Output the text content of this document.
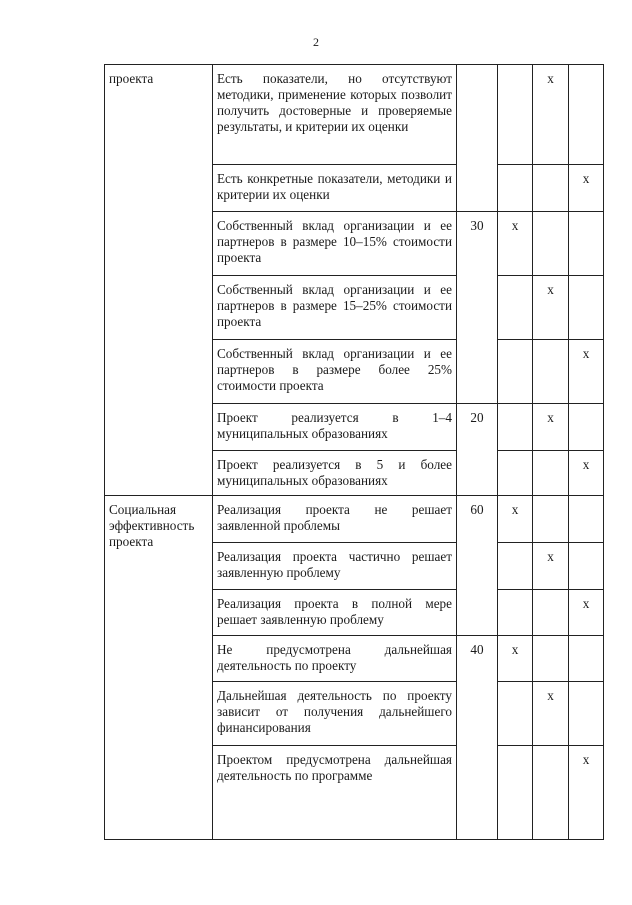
2
проекта	Есть показатели, но отсутствуют методики, применение которых позволит получить достоверные и проверяемые результаты, и критерии их оценки			x	
	Есть конкретные показатели, методики и критерии их оценки				x
	Собственный вклад организации и ее партнеров в размере 10–15% стоимости проекта	30	x		
	Собственный вклад организации и ее партнеров в размере 15–25% стоимости проекта			x	
	Собственный вклад организации и ее партнеров в размере более 25% стоимости проекта				x
	Проект реализуется в 1–4 муниципальных образованиях	20		x	
	Проект реализуется в 5 и более муниципальных образованиях				x
Социальная эффективность проекта	Реализация проекта не решает заявленной проблемы	60	x		
	Реализация проекта частично решает заявленную проблему			x	
	Реализация проекта в полной мере решает заявленную проблему				x
	Не предусмотрена дальнейшая деятельность по проекту	40	x		
	Дальнейшая деятельность по проекту зависит от получения дальнейшего финансирования			x	
	Проектом предусмотрена дальнейшая деятельность по программе				x
